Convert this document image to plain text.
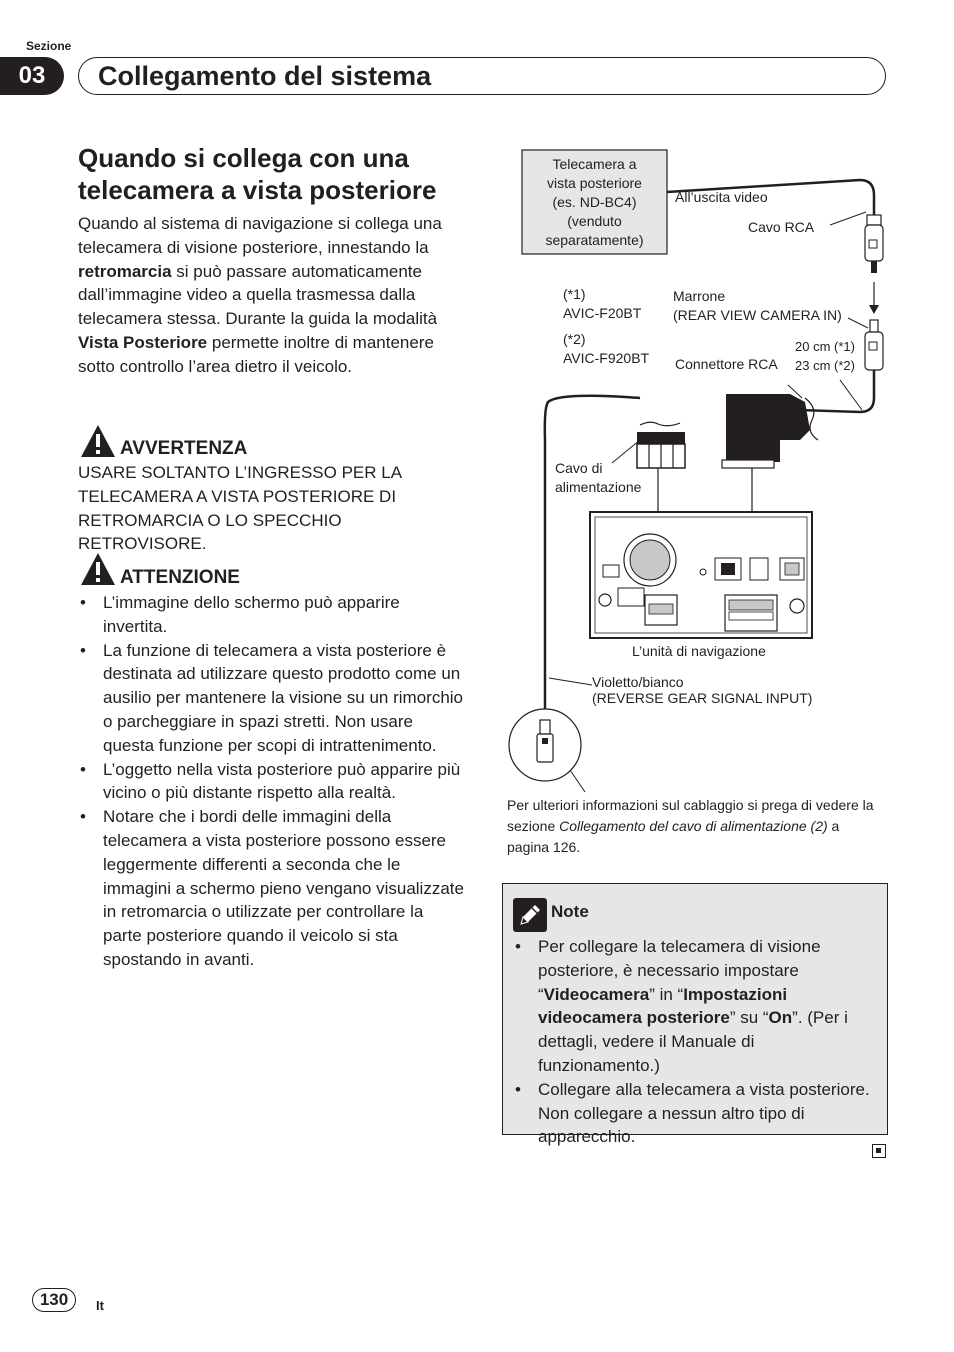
Sezione
03	Collegamento del sistema
Quando si collega con una
telecamera a vista posteriore
Quando al sistema di navigazione si collega una telecamera di visione posteriore, innestando la retromarcia si può passare automaticamente dall’immagine video a quella trasmessa dalla telecamera stessa. Durante la guida la modalità Vista Posteriore permette inoltre di mantenere sotto controllo l’area dietro il veicolo.
AVVERTENZA
USARE SOLTANTO L’INGRESSO PER LA TELECAMERA A VISTA POSTERIORE DI RETROMARCIA O LO SPECCHIO RETROVISORE.
ATTENZIONE
• L’immagine dello schermo può apparire invertita.
• La funzione di telecamera a vista posteriore è destinata ad utilizzare questo prodotto come un ausilio per mantenere la visione su un rimorchio o parcheggiare in spazi stretti. Non usare questa funzione per scopi di intrattenimento.
• L’oggetto nella vista posteriore può apparire più vicino o più distante rispetto alla realtà.
• Notare che i bordi delle immagini della telecamera a vista posteriore possono essere leggermente differenti a seconda che le immagini a schermo pieno vengano visualizzate in retromarcia o utilizzate per controllare la parte posteriore quando il veicolo si sta spostando in avanti.
Telecamera a
vista posteriore
(es. ND-BC4)
(venduto
separatamente)
All’uscita video
Cavo RCA
(*1)
AVIC-F20BT
(*2)
AVIC-F920BT
Marrone
(REAR VIEW CAMERA IN)
Connettore RCA
20 cm (*1)
23 cm (*2)
Cavo di
alimentazione
L’unità di navigazione
Violetto/bianco
(REVERSE GEAR SIGNAL INPUT)
Per ulteriori informazioni sul cablaggio si prega di vedere la sezione Collegamento del cavo di alimentazione (2) a pagina 126.
Note
• Per collegare la telecamera di visione posteriore, è necessario impostare “Videocamera” in “Impostazioni videocamera posteriore” su “On”. (Per i dettagli, vedere il Manuale di funzionamento.)
• Collegare alla telecamera a vista posteriore. Non collegare a nessun altro tipo di apparecchio.
130	It
